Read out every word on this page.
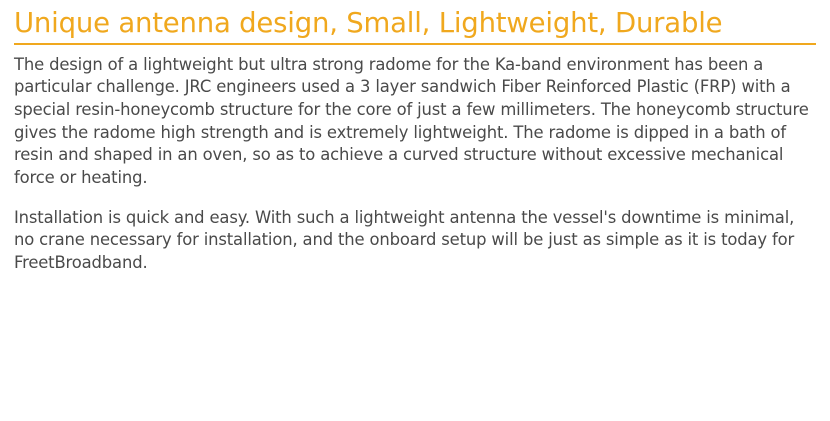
Unique antenna design, Small, Lightweight, Durable

The design of a lightweight but ultra strong radome for the Ka-band environment has been a particular challenge. JRC engineers used a 3 layer sandwich Fiber Reinforced Plastic (FRP) with a special resin-honeycomb structure for the core of just a few millimeters. The honeycomb structure gives the radome high strength and is extremely lightweight. The radome is dipped in a bath of resin and shaped in an oven, so as to achieve a curved structure without excessive mechanical force or heating.

Installation is quick and easy. With such a lightweight antenna the vessel's downtime is minimal, no crane necessary for installation, and the onboard setup will be just as simple as it is today for FreetBroadband.
